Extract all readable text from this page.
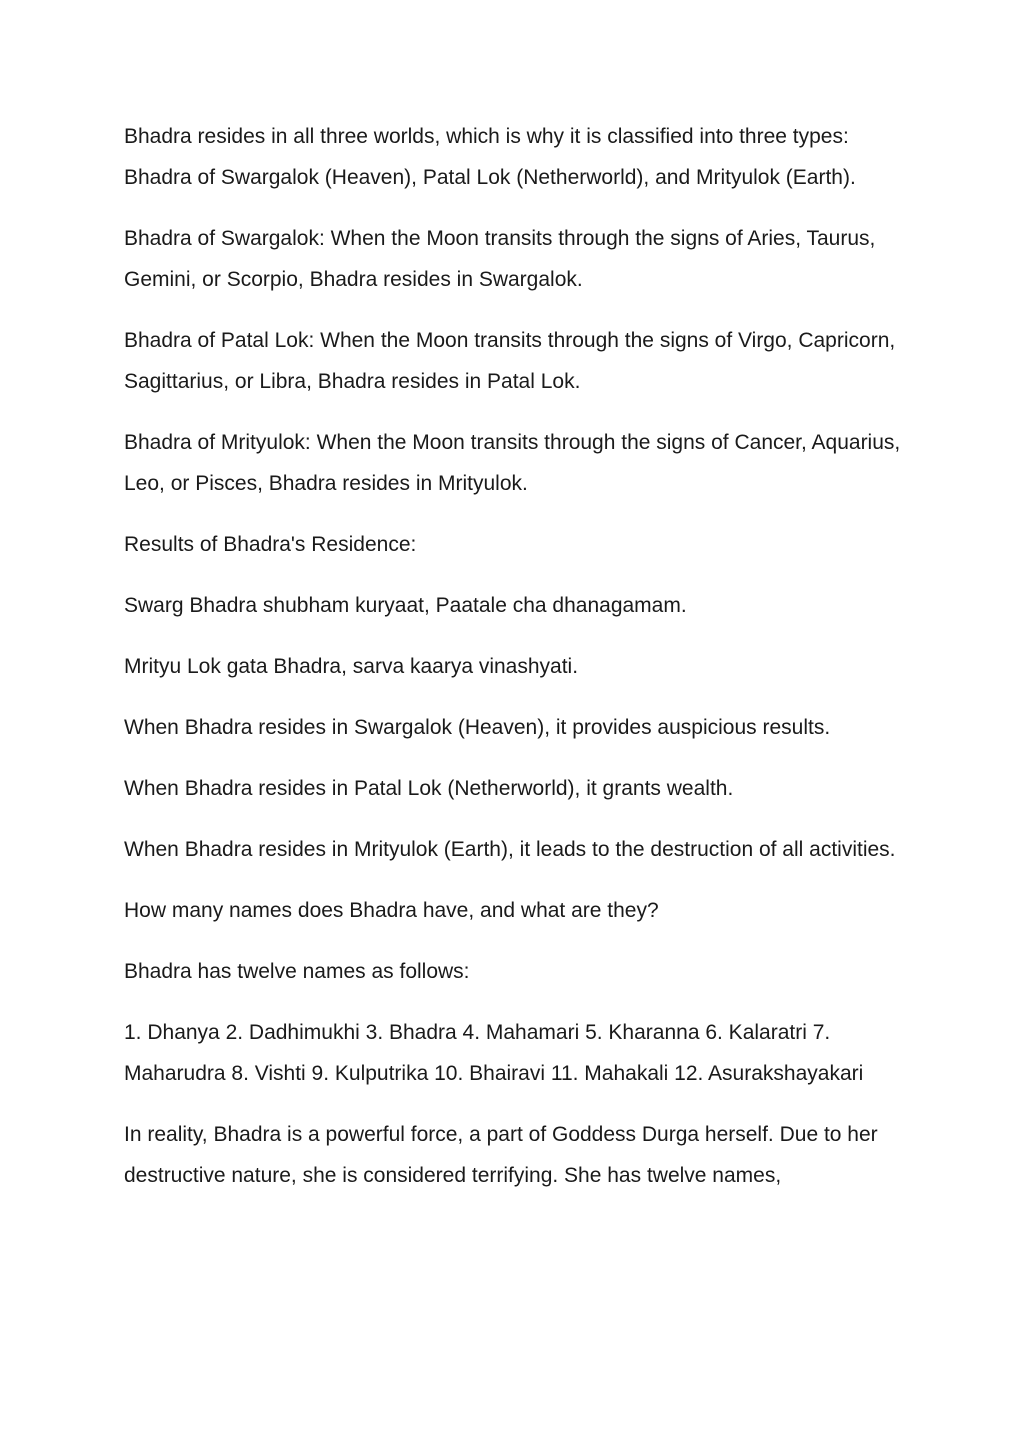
Bhadra resides in all three worlds, which is why it is classified into three types: Bhadra of Swargalok (Heaven), Patal Lok (Netherworld), and Mrityulok (Earth).

Bhadra of Swargalok: When the Moon transits through the signs of Aries, Taurus, Gemini, or Scorpio, Bhadra resides in Swargalok.

Bhadra of Patal Lok: When the Moon transits through the signs of Virgo, Capricorn, Sagittarius, or Libra, Bhadra resides in Patal Lok.

Bhadra of Mrityulok: When the Moon transits through the signs of Cancer, Aquarius, Leo, or Pisces, Bhadra resides in Mrityulok.

Results of Bhadra's Residence:

Swarg Bhadra shubham kuryaat, Paatale cha dhanagamam.

Mrityu Lok gata Bhadra, sarva kaarya vinashyati.

When Bhadra resides in Swargalok (Heaven), it provides auspicious results.

When Bhadra resides in Patal Lok (Netherworld), it grants wealth.

When Bhadra resides in Mrityulok (Earth), it leads to the destruction of all activities.

How many names does Bhadra have, and what are they?

Bhadra has twelve names as follows:

1. Dhanya 2. Dadhimukhi 3. Bhadra 4. Mahamari 5. Kharanna 6. Kalaratri 7. Maharudra 8. Vishti 9. Kulputrika 10. Bhairavi 11. Mahakali 12. Asurakshayakari

In reality, Bhadra is a powerful force, a part of Goddess Durga herself. Due to her destructive nature, she is considered terrifying. She has twelve names,
